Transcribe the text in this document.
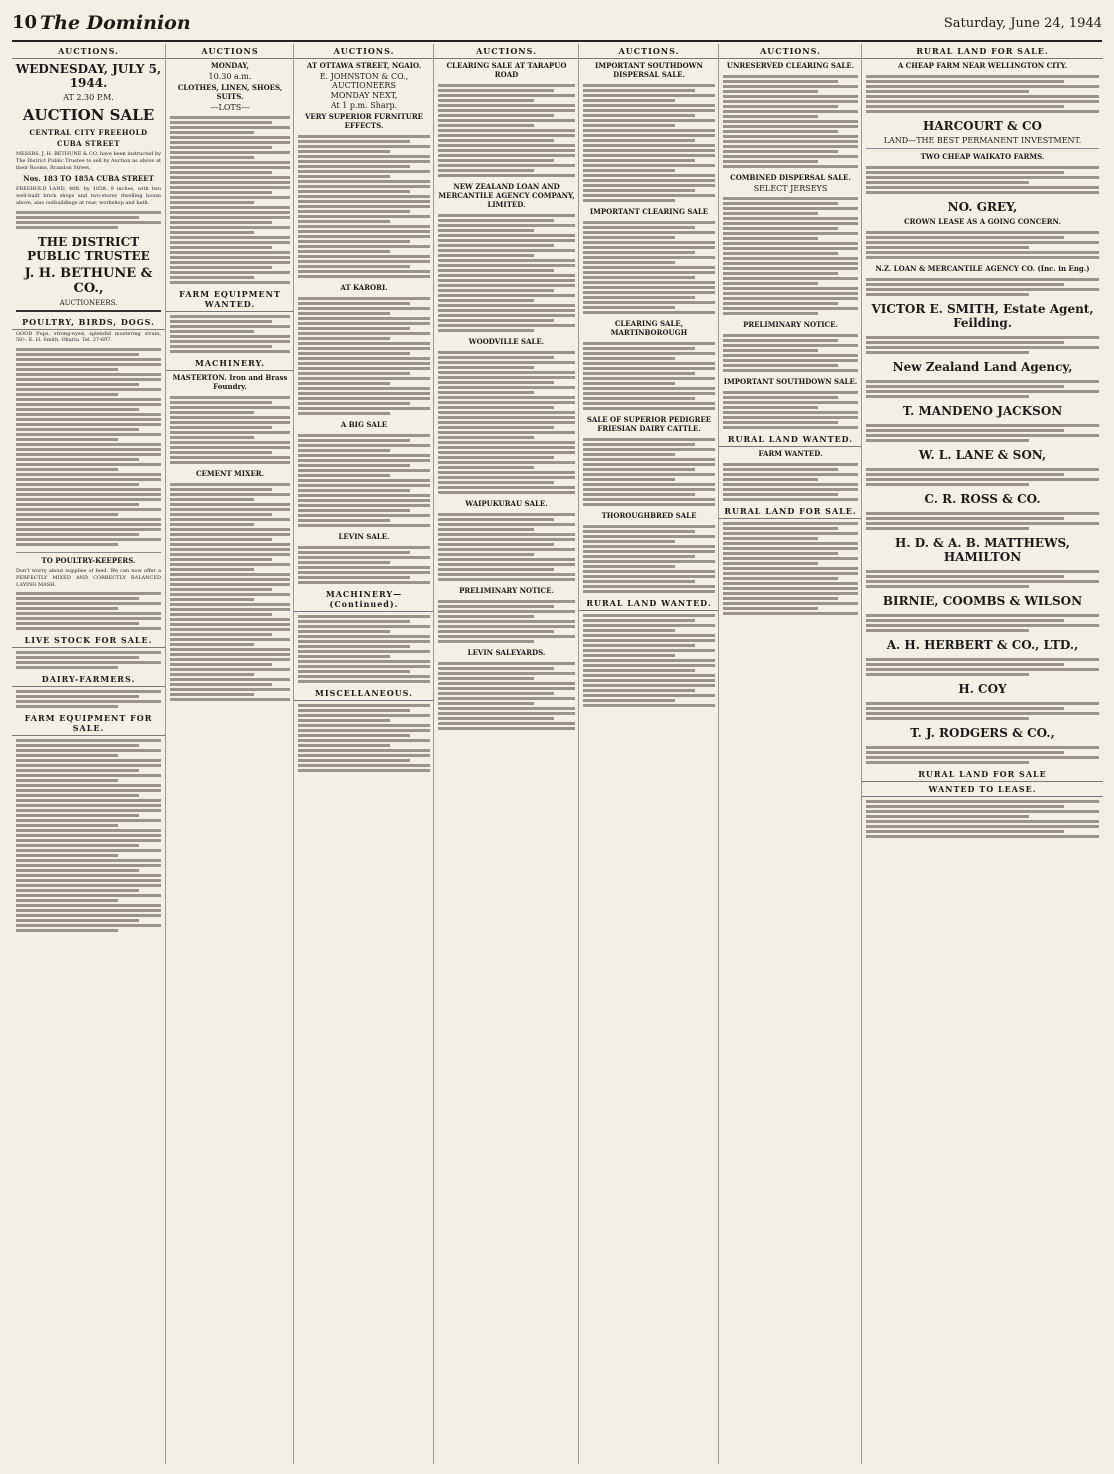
10 The Dominion	Saturday, June 24, 1944
AUCTIONS.
WEDNESDAY, JULY 5, 1944.
AT 2.30 P.M.
AUCTION SALE
CENTRAL CITY FREEHOLD
CUBA STREET

MESSRS. J. H. BETHUNE & CO. have been instructed by The District Public Trustee to sell by Auction as above at their Rooms, Brandon Street,

Nos. 183 TO 185A CUBA STREET

FREEHOLD LAND, 40ft. by 105ft. 9 inches, with two well-built brick shops and two-storey dwelling house above, also outbuildings at rear, workshop and bath.

THE DISTRICT PUBLIC TRUSTEE
J. H. BETHUNE & CO.,
AUCTIONEERS.
POULTRY, BIRDS, DOGS.

GOOD Pups, strong-eyed, splendid mustering strain, 50/-. E. H. Smith, Ohariu. Tel. 27-697.

TO POULTRY-KEEPERS.

Don't worry about supplies of feed. We can now offer a PERFECTLY MIXED AND CORRECTLY BALANCED LAYING MASH.

LIVE STOCK FOR SALE.
DAIRY-FARMERS.
FARM EQUIPMENT FOR SALE.
AUCTIONS
MONDAY,
10.30 a.m.
CLOTHES, LINEN, SHOES, SUITS.
---LOTS---
FARM EQUIPMENT WANTED.
MACHINERY.
MASTERTON. Iron and Brass Foundry.
CEMENT MIXER.
AUCTIONS.
AT OTTAWA STREET, NGAIO.
E. JOHNSTON & CO., AUCTIONEERS
MONDAY NEXT,
At 1 p.m. Sharp.
VERY SUPERIOR FURNITURE EFFECTS.
AT KARORI.
A BIG SALE
LEVIN SALE.
MACHINERY—(Continued).
MISCELLANEOUS.
AUCTIONS.
CLEARING SALE AT TARAPUO ROAD
NEW ZEALAND LOAN AND MERCANTILE AGENCY COMPANY, LIMITED.
WOODVILLE SALE.
WAIPUKURAU SALE.
PRELIMINARY NOTICE.
LEVIN SALEYARDS.
AUCTIONS.
IMPORTANT SOUTHDOWN DISPERSAL SALE.
IMPORTANT CLEARING SALE
CLEARING SALE, MARTINBOROUGH
SALE OF SUPERIOR PEDIGREE FRIESIAN DAIRY CATTLE.
THOROUGHBRED SALE
RURAL LAND WANTED.
AUCTIONS.
UNRESERVED CLEARING SALE.
COMBINED DISPERSAL SALE.
SELECT JERSEYS
PRELIMINARY NOTICE.
IMPORTANT SOUTHDOWN SALE.
RURAL LAND WANTED.
FARM WANTED.
RURAL LAND FOR SALE.
RURAL LAND FOR SALE.
A CHEAP FARM NEAR WELLINGTON CITY.
HARCOURT & CO
LAND—THE BEST PERMANENT INVESTMENT.
TWO CHEAP WAIKATO FARMS.
NO. GREY,
CROWN LEASE AS A GOING CONCERN.
N.Z. LOAN & MERCANTILE AGENCY CO. (Inc. in Eng.)
VICTOR E. SMITH, Estate Agent, Feilding.
New Zealand Land Agency,
T. MANDENO JACKSON
W. L. LANE & SON,
C. R. ROSS & CO.
H. D. & A. B. MATTHEWS, HAMILTON
BIRNIE, COOMBS & WILSON
A. H. HERBERT & CO., LTD.,
H. COY
T. J. RODGERS & CO.,
RURAL LAND FOR SALE
WANTED TO LEASE.
